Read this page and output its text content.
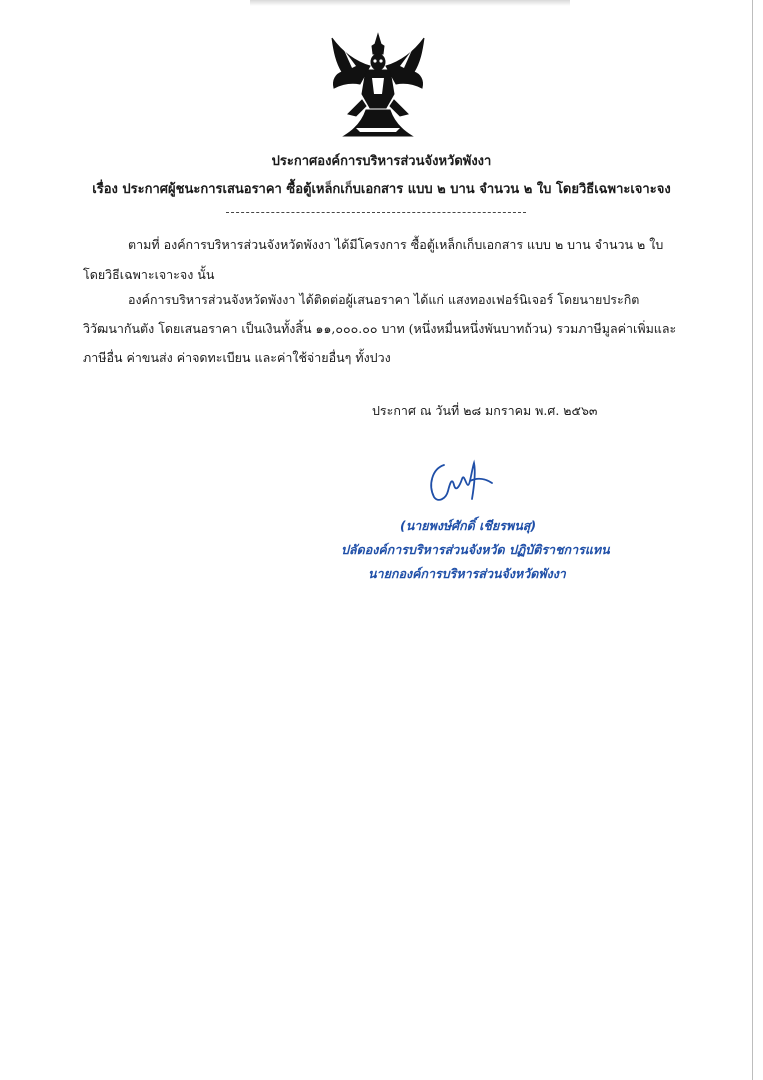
ประกาศองค์การบริหารส่วนจังหวัดพังงา
เรื่อง ประกาศผู้ชนะการเสนอราคา ซื้อตู้เหล็กเก็บเอกสาร แบบ ๒ บาน จำนวน ๒ ใบ โดยวิธีเฉพาะเจาะจง
ตามที่ องค์การบริหารส่วนจังหวัดพังงา ได้มีโครงการ ซื้อตู้เหล็กเก็บเอกสาร แบบ ๒ บาน จำนวน ๒ ใบ
โดยวิธีเฉพาะเจาะจง นั้น
องค์การบริหารส่วนจังหวัดพังงา ได้ติดต่อผู้เสนอราคา ได้แก่ แสงทองเฟอร์นิเจอร์ โดยนายประกิต
วิวัฒนากันตัง โดยเสนอราคา เป็นเงินทั้งสิ้น ๑๑,๐๐๐.๐๐ บาท (หนึ่งหมื่นหนึ่งพันบาทถ้วน) รวมภาษีมูลค่าเพิ่มและ
ภาษีอื่น ค่าขนส่ง ค่าจดทะเบียน และค่าใช้จ่ายอื่นๆ ทั้งปวง
ประกาศ ณ วันที่ ๒๘ มกราคม พ.ศ. ๒๕๖๓
(นายพงษ์ศักดิ์ เชียรพนสุ)
ปลัดองค์การบริหารส่วนจังหวัด ปฏิบัติราชการแทน
นายกองค์การบริหารส่วนจังหวัดพังงา
